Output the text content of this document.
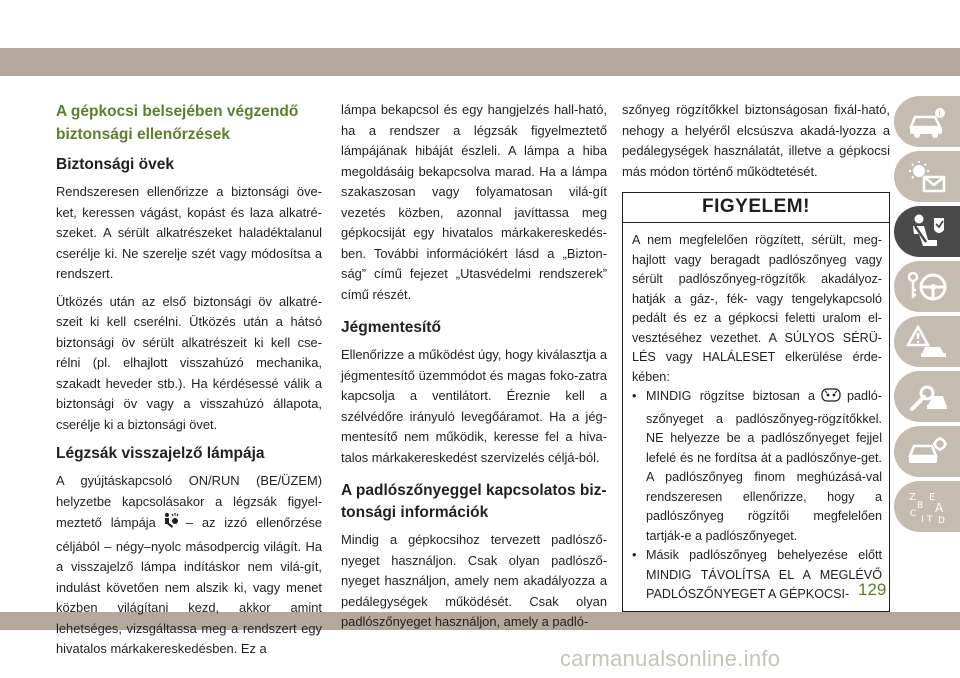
A gépkocsi belsejében végzendő
biztonsági ellenőrzések
Biztonsági övek

Rendszeresen ellenőrizze a biztonsági öve-ket, keressen vágást, kopást és laza alkatré-szeket. A sérült alkatrészeket haladéktalanul cserélje ki. Ne szerelje szét vagy módosítsa a rendszert.

Ütközés után az első biztonsági öv alkatré-szeit ki kell cserélni. Ütközés után a hátsó biztonsági öv sérült alkatrészeit ki kell cse-rélni (pl. elhajlott visszahúzó mechanika, szakadt heveder stb.). Ha kérdésessé válik a biztonsági öv vagy a visszahúzó állapota, cserélje ki a biztonsági övet.

Légzsák visszajelző lámpája

A gyújtáskapcsoló ON/RUN (BE/ÜZEM) helyzetbe kapcsolásakor a légzsák figyel-meztető lámpája – az izzó ellenőrzése céljából – négy–nyolc másodpercig világít. Ha a visszajelző lámpa indításkor nem vilá-gít, indulást követően nem alszik ki, vagy menet közben világítani kezd, akkor amint lehetséges, vizsgáltassa meg a rendszert egy hivatalos márkakereskedésben. Ez a

lámpa bekapcsol és egy hangjelzés hall-ható, ha a rendszer a légzsák figyelmeztető lámpájának hibáját észleli. A lámpa a hiba megoldásáig bekapcsolva marad. Ha a lámpa szakaszosan vagy folyamatosan vilá-gít vezetés közben, azonnal javíttassa meg gépkocsiját egy hivatalos márkakereskedés-ben. További információkért lásd a „Bizton-ság” című fejezet „Utasvédelmi rendszerek” című részét.

Jégmentesítő

Ellenőrizze a működést úgy, hogy kiválasztja a jégmentesítő üzemmódot és magas foko-zatra kapcsolja a ventilátort. Éreznie kell a szélvédőre irányuló levegőáramot. Ha a jég-mentesítő nem működik, keresse fel a hiva-talos márkakereskedést szervizelés céljá-ból.

A padlószőnyeggel kapcsolatos biz-
tonsági információk

Mindig a gépkocsihoz tervezett padlósző-nyeget használjon. Csak olyan padlósző-nyeget használjon, amely nem akadályozza a pedálegységek működését. Csak olyan padlószőnyeget használjon, amely a padló-

szőnyeg rögzítőkkel biztonságosan fixál-ható, nehogy a helyéről elcsúszva akadá-lyozza a pedálegységek használatát, illetve a gépkocsi más módon történő működtetését.

FIGYELEM!

A nem megfelelően rögzített, sérült, meg-hajlott vagy beragadt padlószőnyeg vagy sérült padlószőnyeg-rögzítők akadályoz-hatják a gáz-, fék- vagy tengelykapcsoló pedált és ez a gépkocsi feletti uralom el-vesztéséhez vezethet. A SÚLYOS SÉRÜ-LÉS vagy HALÁLESET elkerülése érde-kében:

• MINDIG rögzítse biztosan a	padló-szőnyeget a padlószőnyeg-rögzítőkkel. NE helyezze be a padlószőnyeget fejjel lefelé és ne fordítsa át a padlószőnye-get. A padlószőnyeg finom meghúzásá-val rendszeresen ellenőrizze, hogy a padlószőnyeg rögzítői megfelelően tartják-e a padlószőnyeget.
• Másik padlószőnyeg behelyezése előtt MINDIG TÁVOLÍTSA EL A MEGLÉVŐ PADLÓSZŐNYEGET A GÉPKOCSI-
i
Z E
B A
C
I T D
129
carmanualsonline.info
